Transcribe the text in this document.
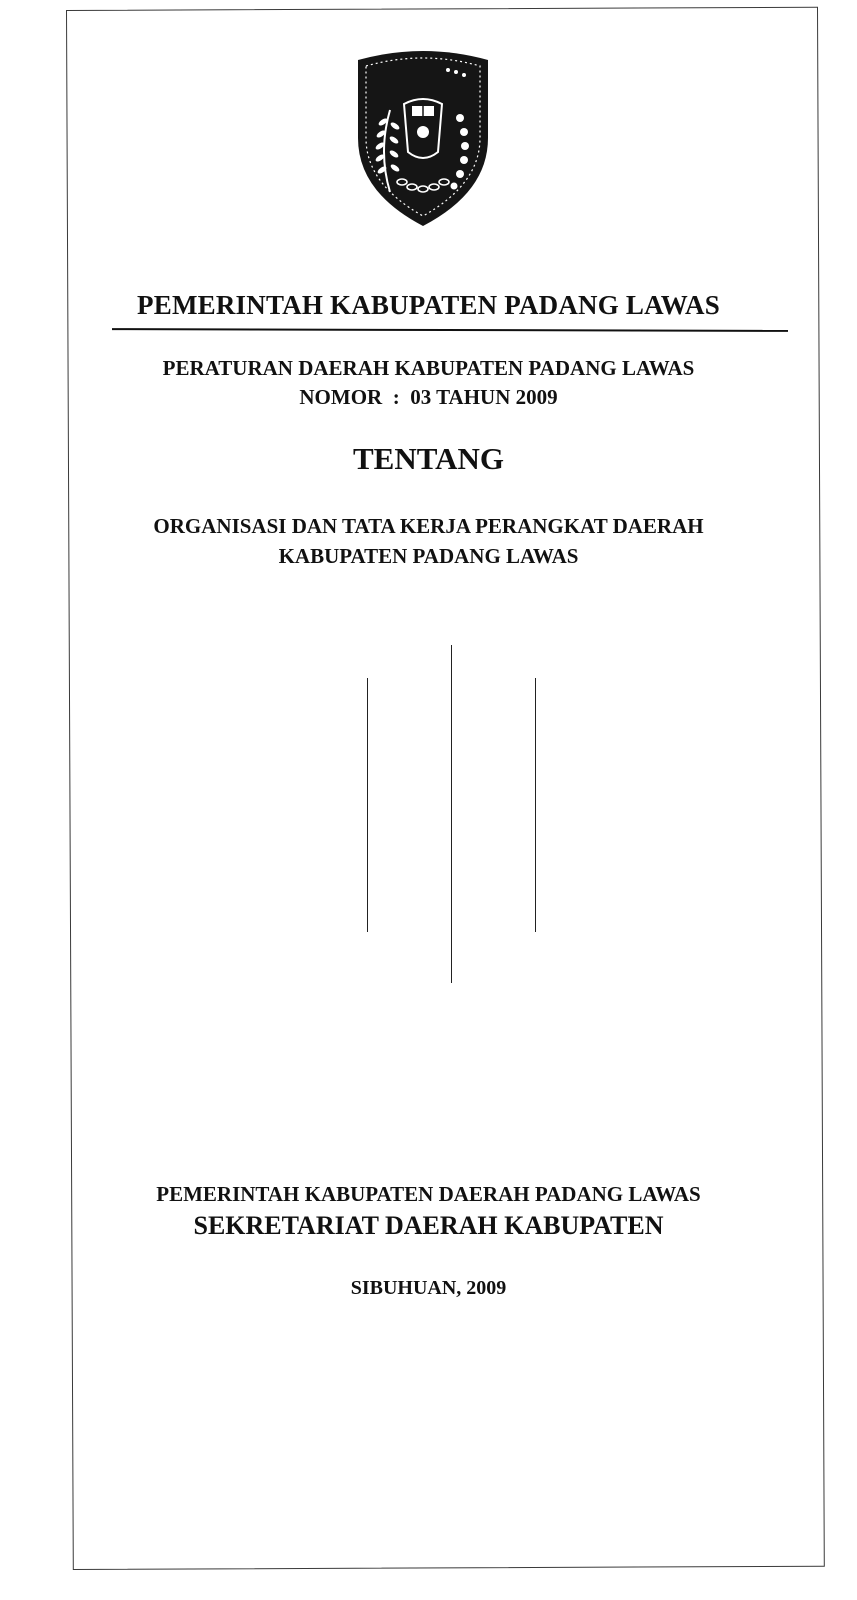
PEMERINTAH KABUPATEN PADANG LAWAS
PERATURAN DAERAH KABUPATEN PADANG LAWAS
NOMOR  :  03 TAHUN 2009
TENTANG
ORGANISASI DAN TATA KERJA PERANGKAT DAERAH
KABUPATEN PADANG LAWAS
PEMERINTAH KABUPATEN DAERAH PADANG LAWAS
SEKRETARIAT DAERAH KABUPATEN
SIBUHUAN, 2009
